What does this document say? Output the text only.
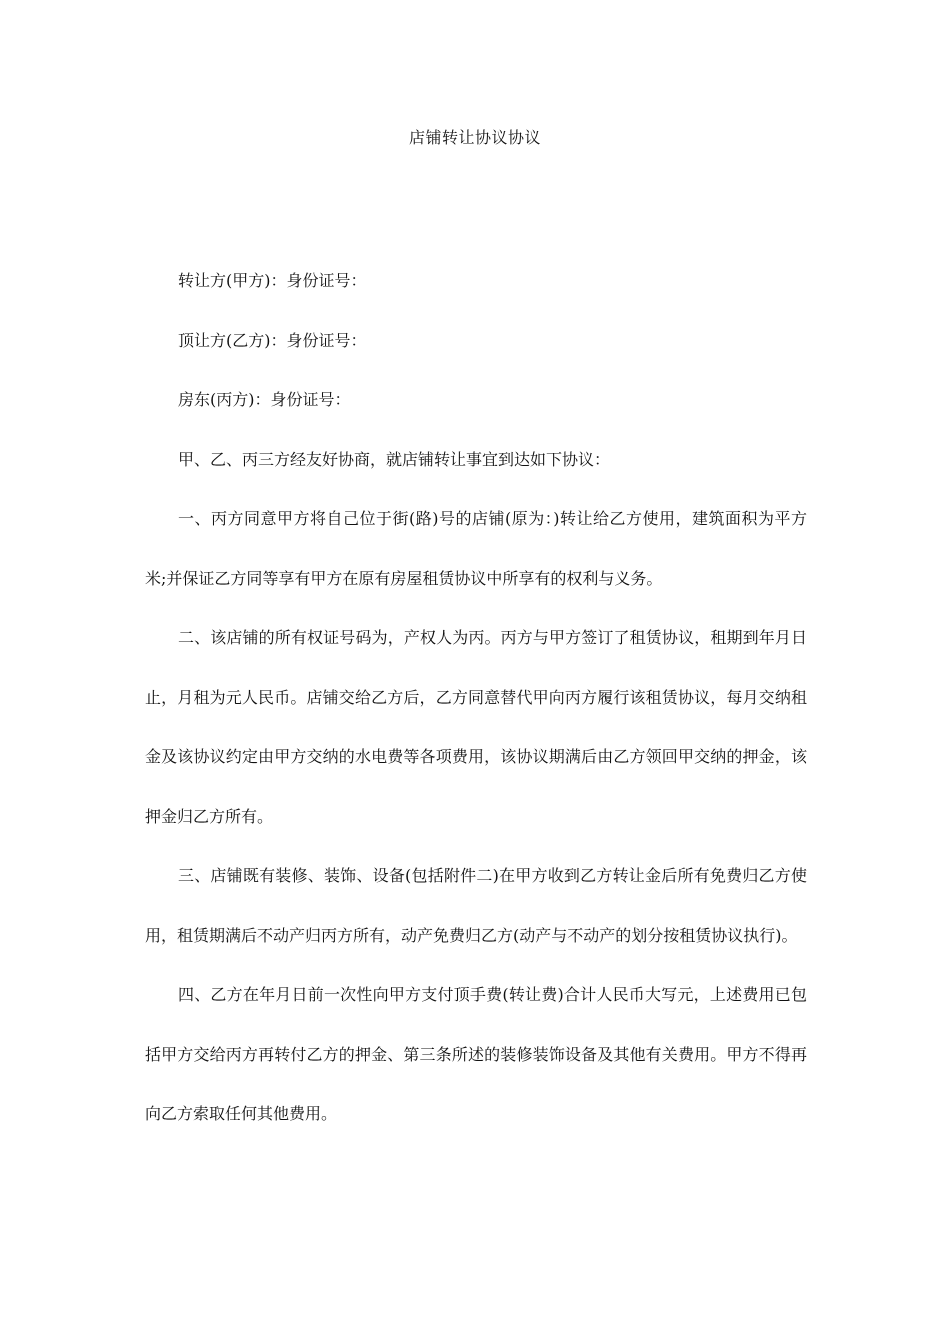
店铺转让协议协议

转让方(甲方)：身份证号：

顶让方(乙方)：身份证号：

房东(丙方)：身份证号：

甲、乙、丙三方经友好协商，就店铺转让事宜到达如下协议：

一、丙方同意甲方将自己位于街(路)号的店铺(原为：)转让给乙方使用，建筑面积为平方米;并保证乙方同等享有甲方在原有房屋租赁协议中所享有的权利与义务。

二、该店铺的所有权证号码为，产权人为丙。丙方与甲方签订了租赁协议，租期到年月日止，月租为元人民币。店铺交给乙方后，乙方同意替代甲向丙方履行该租赁协议，每月交纳租金及该协议约定由甲方交纳的水电费等各项费用，该协议期满后由乙方领回甲交纳的押金，该押金归乙方所有。

三、店铺既有装修、装饰、设备(包括附件二)在甲方收到乙方转让金后所有免费归乙方使用，租赁期满后不动产归丙方所有，动产免费归乙方(动产与不动产的划分按租赁协议执行)。

四、乙方在年月日前一次性向甲方支付顶手费(转让费)合计人民币大写元，上述费用已包括甲方交给丙方再转付乙方的押金、第三条所述的装修装饰设备及其他有关费用。甲方不得再向乙方索取任何其他费用。
